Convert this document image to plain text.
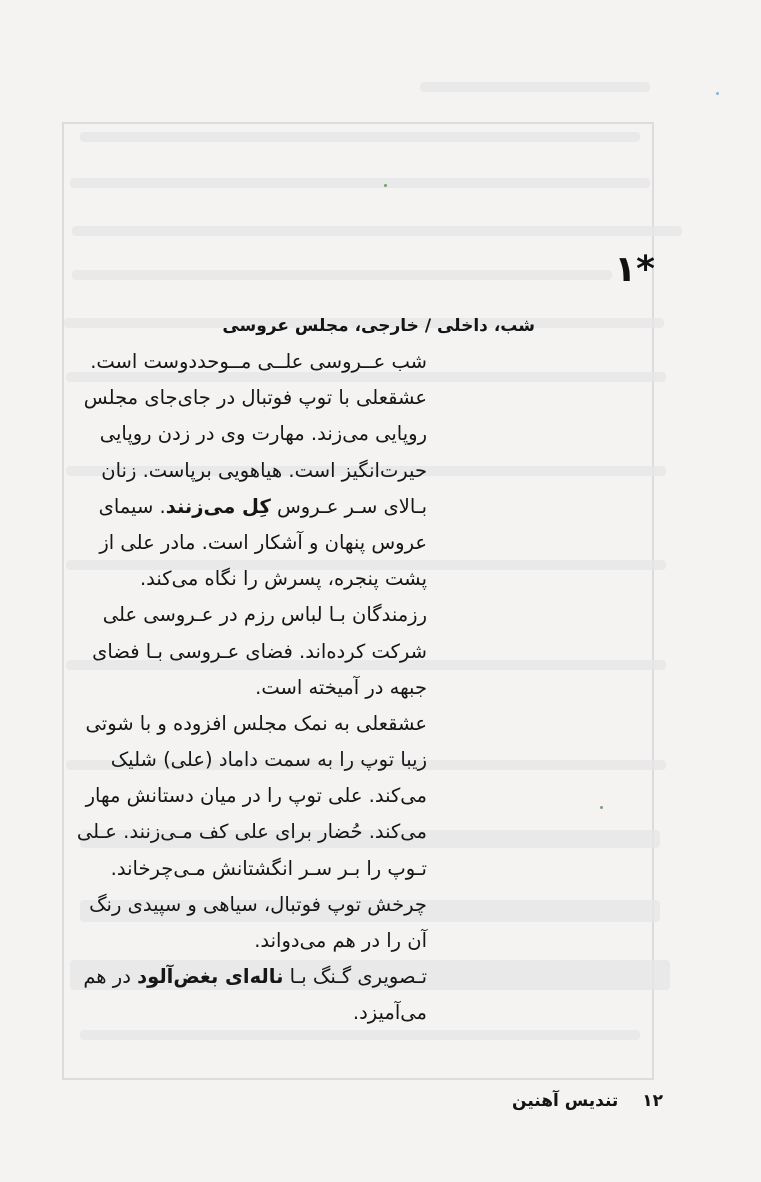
١*
شب، داخلی / خارجی، مجلس عروسی
شب عــروسی علــی مــوحددوست است.
عشقعلی با توپ فوتبال در جای‌جای مجلس
روپایی می‌زند. مهارت وی در زدن روپایی
حیرت‌انگیز است. هیاهویی برپاست. زنان
بـالای سـر عـروس کِل می‌زنند. سیمای
عروس پنهان و آشکار است. مادر علی از
پشت پنجره، پسرش را نگاه می‌کند.
رزمندگان بـا لباس رزم در عـروسی علی
شرکت کرده‌اند. فضای عـروسی بـا فضای
جبهه در آمیخته است.
عشقعلی به نمک مجلس افزوده و با شوتی
زیبا توپ را به سمت داماد (علی) شلیک
می‌کند. علی توپ را در میان دستانش مهار
می‌کند. حُضار برای علی کف مـی‌زنند. عـلی
تـوپ را بـر سـر انگشتانش مـی‌چرخاند.
چرخش توپ فوتبال، سیاهی و سپیدی رنگ
آن را در هم می‌دواند.
تـصویری گـنگ بـا ناله‌ای بغض‌آلود در هم
می‌آمیزد.
۱۲ تندیس آهنین
